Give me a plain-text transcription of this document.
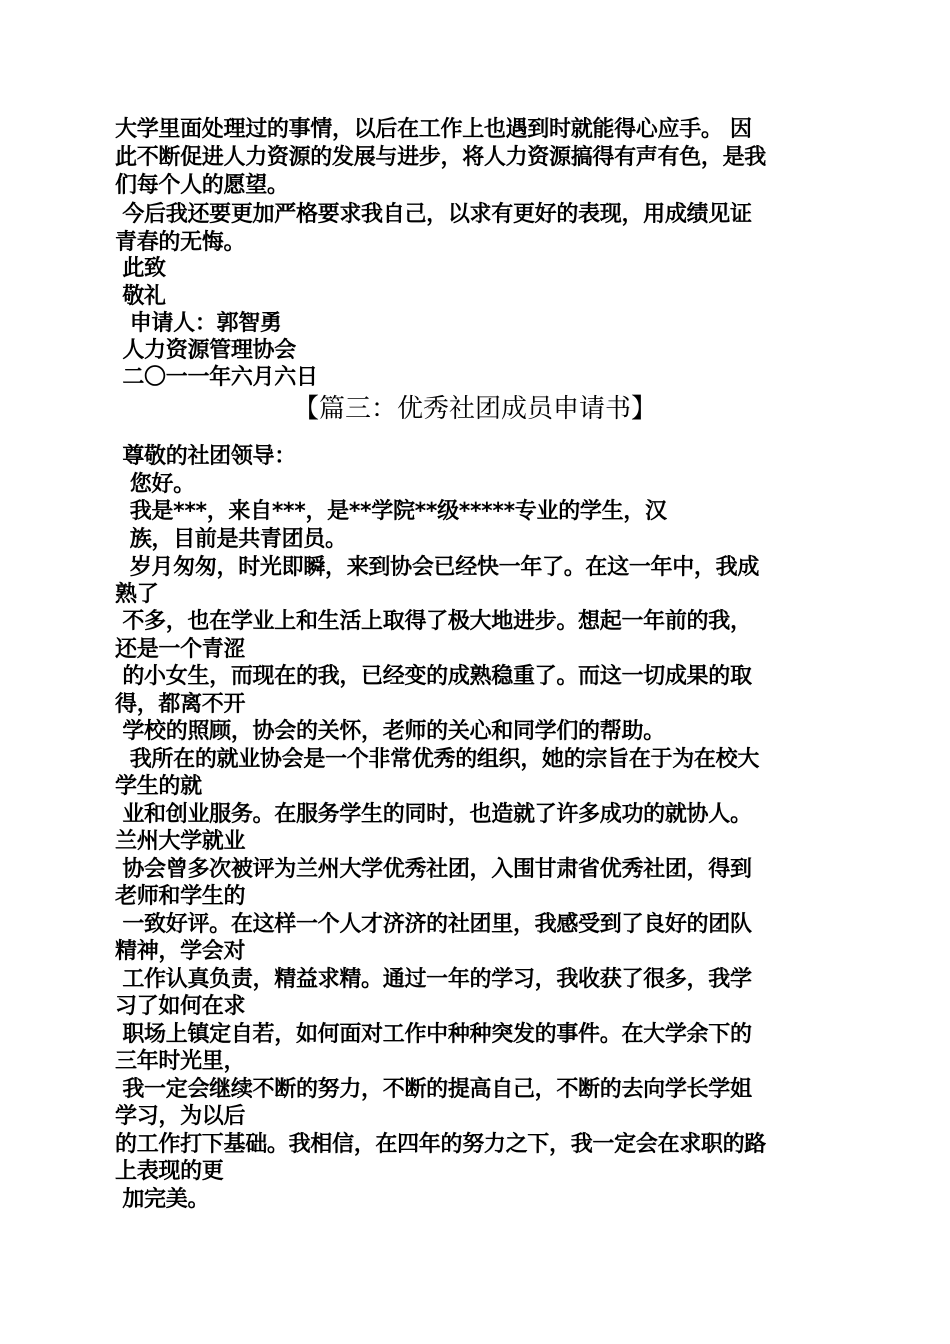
大学里面处理过的事情，以后在工作上也遇到时就能得心应手。 因
此不断促进人力资源的发展与进步，将人力资源搞得有声有色，是我
们每个人的愿望。
今后我还要更加严格要求我自己，以求有更好的表现，用成绩见证
青春的无悔。
此致
敬礼
申请人：郭智勇
人力资源管理协会
二〇一一年六月六日
【篇三：优秀社团成员申请书】
尊敬的社团领导：
您好。
我是***，来自***，是**学院**级*****专业的学生，汉
族，目前是共青团员。
岁月匆匆，时光即瞬，来到协会已经快一年了。在这一年中，我成
熟了
不多，也在学业上和生活上取得了极大地进步。想起一年前的我，
还是一个青涩
的小女生，而现在的我，已经变的成熟稳重了。而这一切成果的取
得，都离不开
学校的照顾，协会的关怀，老师的关心和同学们的帮助。
我所在的就业协会是一个非常优秀的组织，她的宗旨在于为在校大
学生的就
业和创业服务。在服务学生的同时，也造就了许多成功的就协人。
兰州大学就业
协会曾多次被评为兰州大学优秀社团，入围甘肃省优秀社团，得到
老师和学生的
一致好评。在这样一个人才济济的社团里，我感受到了良好的团队
精神，学会对
工作认真负责，精益求精。通过一年的学习，我收获了很多，我学
习了如何在求
职场上镇定自若，如何面对工作中种种突发的事件。在大学余下的
三年时光里，
我一定会继续不断的努力，不断的提高自己，不断的去向学长学姐
学习，为以后
的工作打下基础。我相信，在四年的努力之下，我一定会在求职的路
上表现的更
加完美。
